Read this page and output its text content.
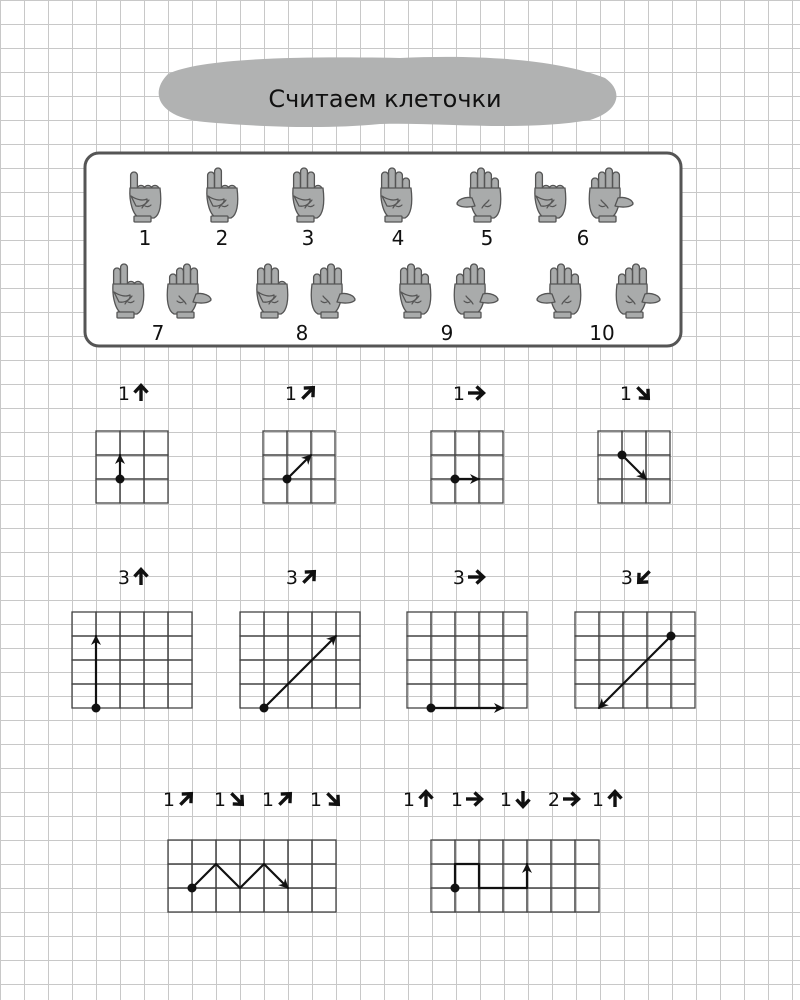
Считаем клеточки
1	2	3	4	5	6
7	8	9	10
1	1	1	1
3	3	3	3
1 1 1 1	1 1 1 2 1
